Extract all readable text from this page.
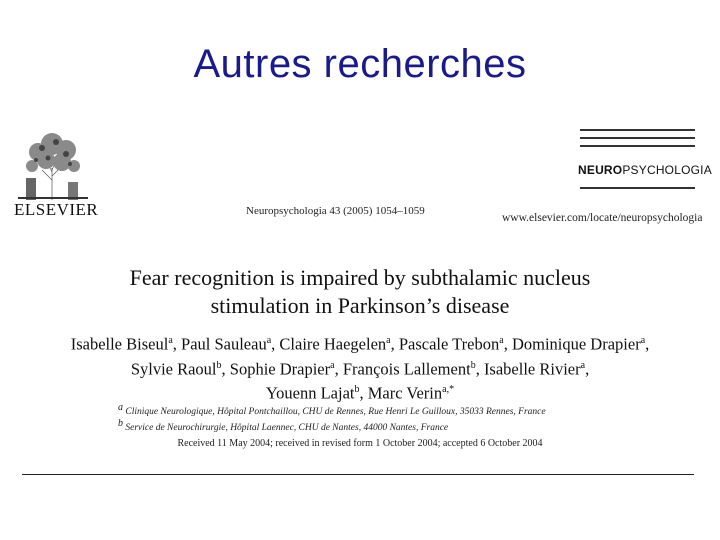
Autres recherches
ELSEVIER	Neuropsychologia 43 (2005) 1054–1059
NEUROPSYCHOLOGIA
www.elsevier.com/locate/neuropsychologia
Fear recognition is impaired by subthalamic nucleus
stimulation in Parkinson’s disease
Isabelle Biseul$^a$, Paul Sauleau$^a$, Claire Haegelen$^a$, Pascale Trebon$^a$, Dominique Drapier$^a$,
Sylvie Raoul$^b$, Sophie Drapier$^a$, François Lallement$^b$, Isabelle Rivier$^a$,
Youenn Lajat$^b$, Marc Verin$^{a,*}$
$^a$ Clinique Neurologique, Hôpital Pontchaillou, CHU de Rennes, Rue Henri Le Guilloux, 35033 Rennes, France
$^b$ Service de Neurochirurgie, Hôpital Laennec, CHU de Nantes, 44000 Nantes, France
Received 11 May 2004; received in revised form 1 October 2004; accepted 6 October 2004
